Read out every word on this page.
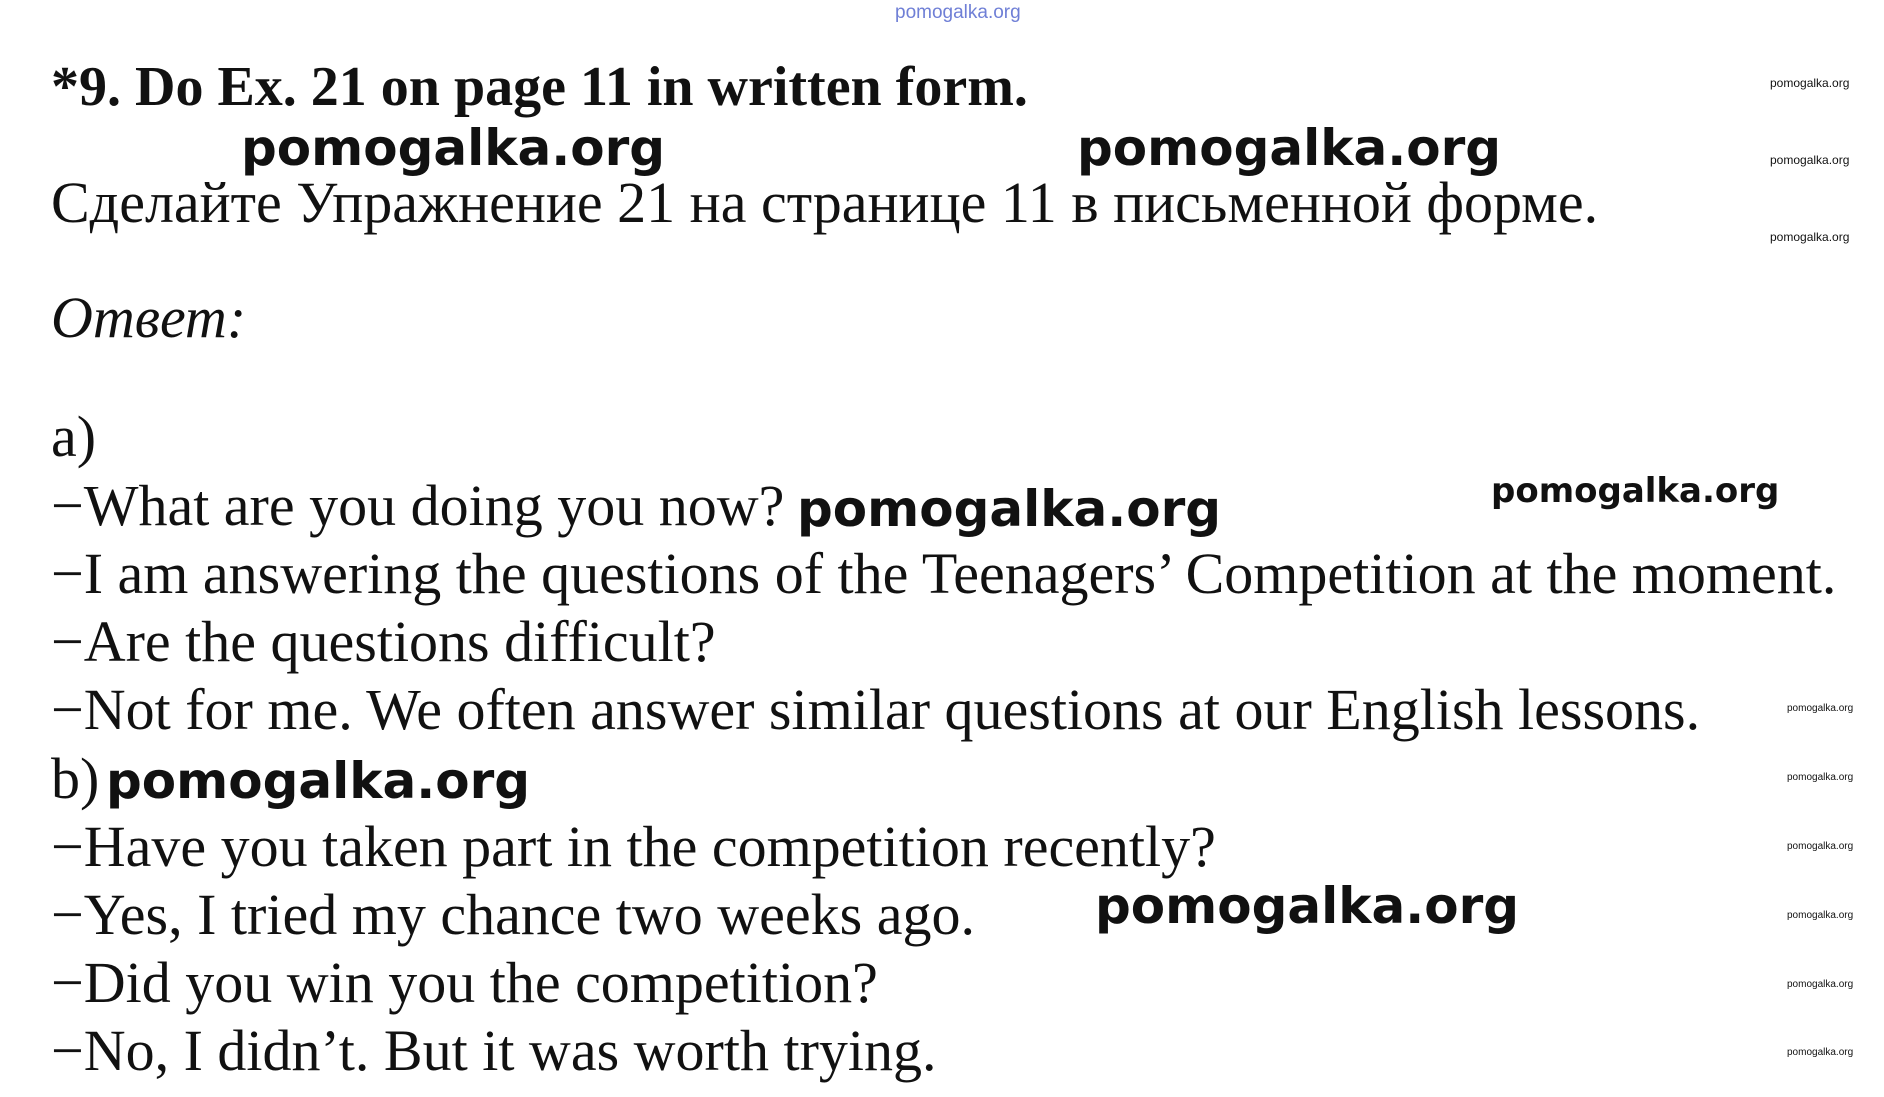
pomogalka.org
*9. Do Ex. 21 on page 11 in written form.
pomogalka.org	pomogalka.org
Сделайте Упражнение 21 на странице 11 в письменной форме.
pomogalka.org
pomogalka.org
pomogalka.org
Ответ:
a)
−What are you doing you now? pomogalka.org	pomogalka.org
−I am answering the questions of the Teenagers’ Competition at the moment.
−Are the questions difficult?
−Not for me. We often answer similar questions at our English lessons.	pomogalka.org
b) pomogalka.org	pomogalka.org
−Have you taken part in the competition recently?	pomogalka.org
−Yes, I tried my chance two weeks ago. pomogalka.org	pomogalka.org
−Did you win you the competition?	pomogalka.org
−No, I didn’t. But it was worth trying.	pomogalka.org
